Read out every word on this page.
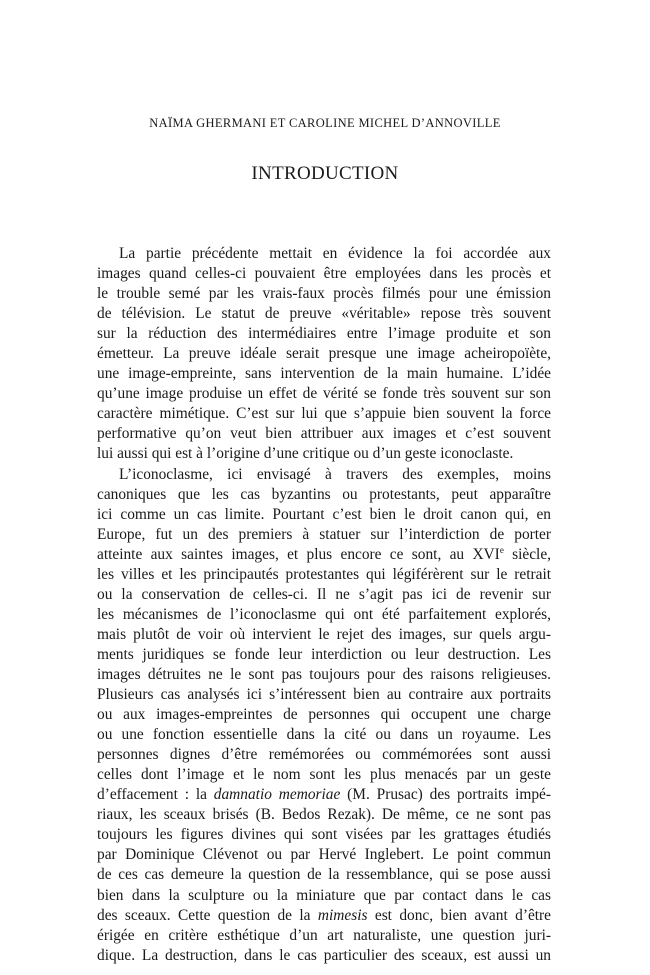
NAÏMA GHERMANI ET CAROLINE MICHEL D’ANNOVILLE
INTRODUCTION
La partie précédente mettait en évidence la foi accordée aux
images quand celles-ci pouvaient être employées dans les procès et
le trouble semé par les vrais-faux procès filmés pour une émission
de télévision. Le statut de preuve «véritable» repose très souvent
sur la réduction des intermédiaires entre l’image produite et son
émetteur. La preuve idéale serait presque une image acheiropoïète,
une image-empreinte, sans intervention de la main humaine. L’idée
qu’une image produise un effet de vérité se fonde très souvent sur son
caractère mimétique. C’est sur lui que s’appuie bien souvent la force
performative qu’on veut bien attribuer aux images et c’est souvent
lui aussi qui est à l’origine d’une critique ou d’un geste iconoclaste.
L’iconoclasme, ici envisagé à travers des exemples, moins
canoniques que les cas byzantins ou protestants, peut apparaître
ici comme un cas limite. Pourtant c’est bien le droit canon qui, en
Europe, fut un des premiers à statuer sur l’interdiction de porter
atteinte aux saintes images, et plus encore ce sont, au XVIe siècle,
les villes et les principautés protestantes qui légiférèrent sur le retrait
ou la conservation de celles-ci. Il ne s’agit pas ici de revenir sur
les mécanismes de l’iconoclasme qui ont été parfaitement explorés,
mais plutôt de voir où intervient le rejet des images, sur quels argu-
ments juridiques se fonde leur interdiction ou leur destruction. Les
images détruites ne le sont pas toujours pour des raisons religieuses.
Plusieurs cas analysés ici s’intéressent bien au contraire aux portraits
ou aux images-empreintes de personnes qui occupent une charge
ou une fonction essentielle dans la cité ou dans un royaume. Les
personnes dignes d’être remémorées ou commémorées sont aussi
celles dont l’image et le nom sont les plus menacés par un geste
d’effacement : la damnatio memoriae (M. Prusac) des portraits impé-
riaux, les sceaux brisés (B. Bedos Rezak). De même, ce ne sont pas
toujours les figures divines qui sont visées par les grattages étudiés
par Dominique Clévenot ou par Hervé Inglebert. Le point commun
de ces cas demeure la question de la ressemblance, qui se pose aussi
bien dans la sculpture ou la miniature que par contact dans le cas
des sceaux. Cette question de la mimesis est donc, bien avant d’être
érigée en critère esthétique d’un art naturaliste, une question juri-
dique. La destruction, dans le cas particulier des sceaux, est aussi un
